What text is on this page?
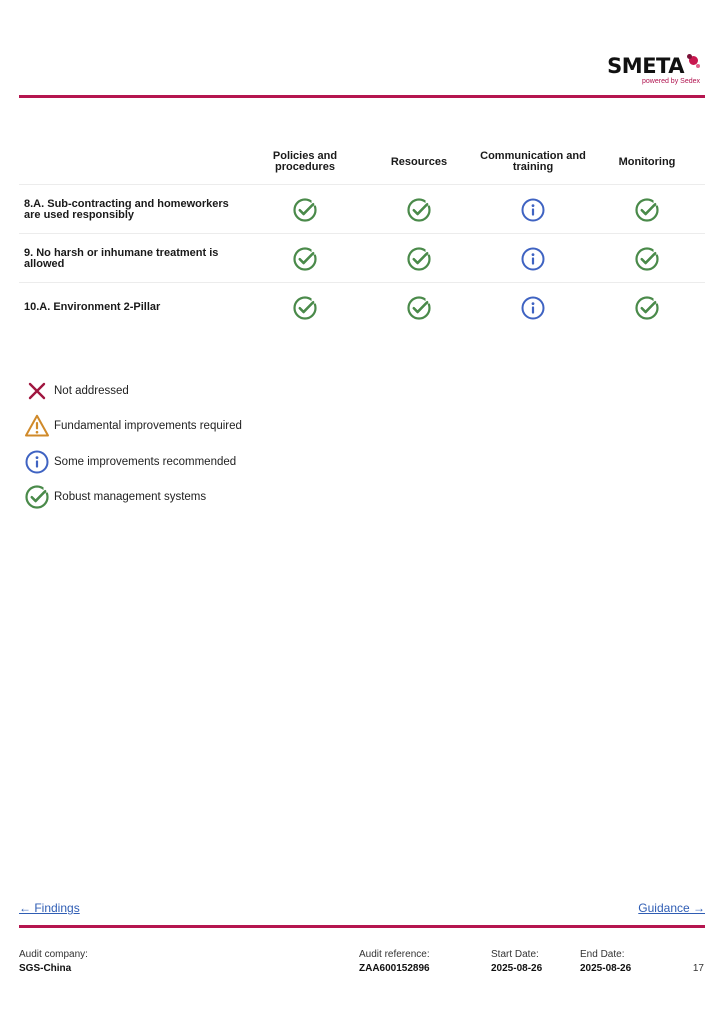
SMETA
powered by Sedex
Policies and procedures	Resources	Communication and training	Monitoring
8.A. Sub-contracting and homeworkers are used responsibly
9. No harsh or inhumane treatment is allowed
10.A. Environment 2-Pillar
Not addressed
Fundamental improvements required
Some improvements recommended
Robust management systems
← Findings	Guidance →
Audit company:
SGS-China
Audit reference:
ZAA600152896
Start Date:
2025-08-26
End Date:
2025-08-26	17
